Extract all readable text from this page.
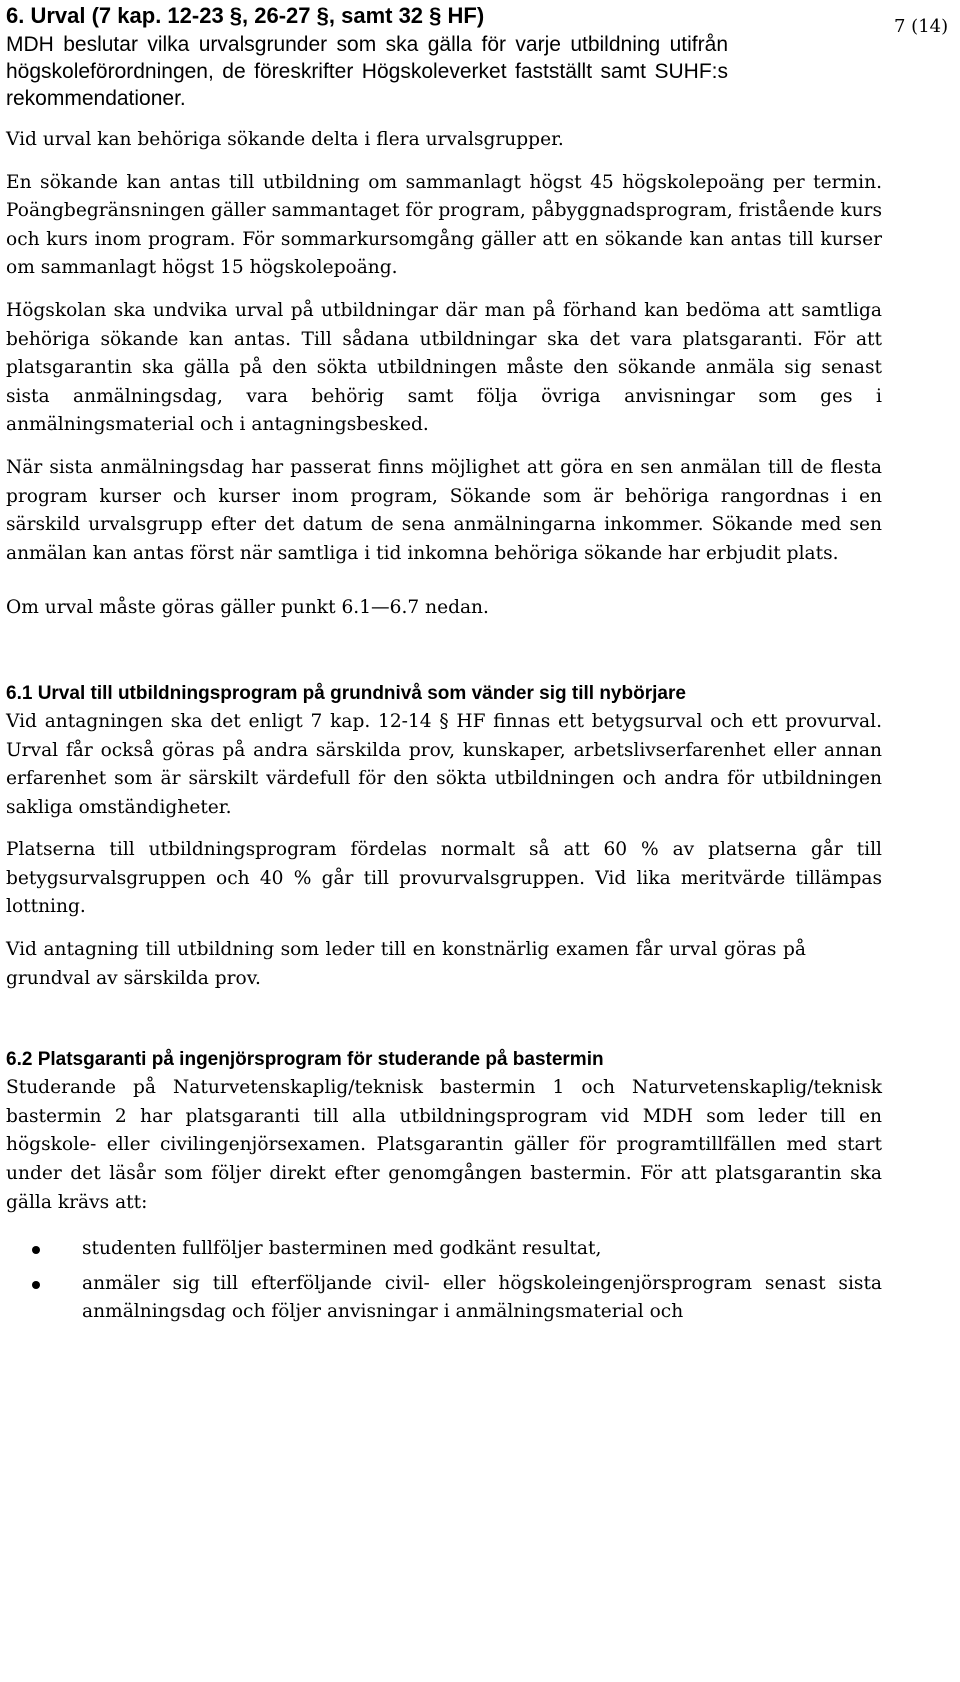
7 (14)
6. Urval (7 kap. 12-23 §, 26-27 §, samt 32 § HF)

MDH beslutar vilka urvalsgrunder som ska gälla för varje utbildning utifrån högskoleförordningen, de föreskrifter Högskoleverket fastställt samt SUHF:s rekommendationer.

Vid urval kan behöriga sökande delta i flera urvalsgrupper.

En sökande kan antas till utbildning om sammanlagt högst 45 högskolepoäng per termin. Poängbegränsningen gäller sammantaget för program, påbyggnadsprogram, fristående kurs och kurs inom program. För sommarkursomgång gäller att en sökande kan antas till kurser om sammanlagt högst 15 högskolepoäng.

Högskolan ska undvika urval på utbildningar där man på förhand kan bedöma att samtliga behöriga sökande kan antas. Till sådana utbildningar ska det vara platsgaranti. För att platsgarantin ska gälla på den sökta utbildningen måste den sökande anmäla sig senast sista anmälningsdag, vara behörig samt följa övriga anvisningar som ges i anmälningsmaterial och i antagningsbesked.

När sista anmälningsdag har passerat finns möjlighet att göra en sen anmälan till de flesta program kurser och kurser inom program, Sökande som är behöriga rangordnas i en särskild urvalsgrupp efter det datum de sena anmälningarna inkommer. Sökande med sen anmälan kan antas först när samtliga i tid inkomna behöriga sökande har erbjudit plats.

Om urval måste göras gäller punkt 6.1—6.7 nedan.

6.1 Urval till utbildningsprogram på grundnivå som vänder sig till nybörjare

Vid antagningen ska det enligt 7 kap. 12-14 § HF finnas ett betygsurval och ett provurval. Urval får också göras på andra särskilda prov, kunskaper, arbetslivserfarenhet eller annan erfarenhet som är särskilt värdefull för den sökta utbildningen och andra för utbildningen sakliga omständigheter.

Platserna till utbildningsprogram fördelas normalt så att 60 % av platserna går till betygsurvalsgruppen och 40 % går till provurvalsgruppen. Vid lika meritvärde tillämpas lottning.

Vid antagning till utbildning som leder till en konstnärlig examen får urval göras på grundval av särskilda prov.

6.2 Platsgaranti på ingenjörsprogram för studerande på bastermin

Studerande på Naturvetenskaplig/teknisk bastermin 1 och Naturvetenskaplig/teknisk bastermin 2 har platsgaranti till alla utbildningsprogram vid MDH som leder till en högskole- eller civilingenjörsexamen. Platsgarantin gäller för programtillfällen med start under det läsår som följer direkt efter genomgången bastermin. För att platsgarantin ska gälla krävs att:

studenten fullföljer basterminen med godkänt resultat,
anmäler sig till efterföljande civil- eller högskoleingenjörsprogram senast sista anmälningsdag och följer anvisningar i anmälningsmaterial och
